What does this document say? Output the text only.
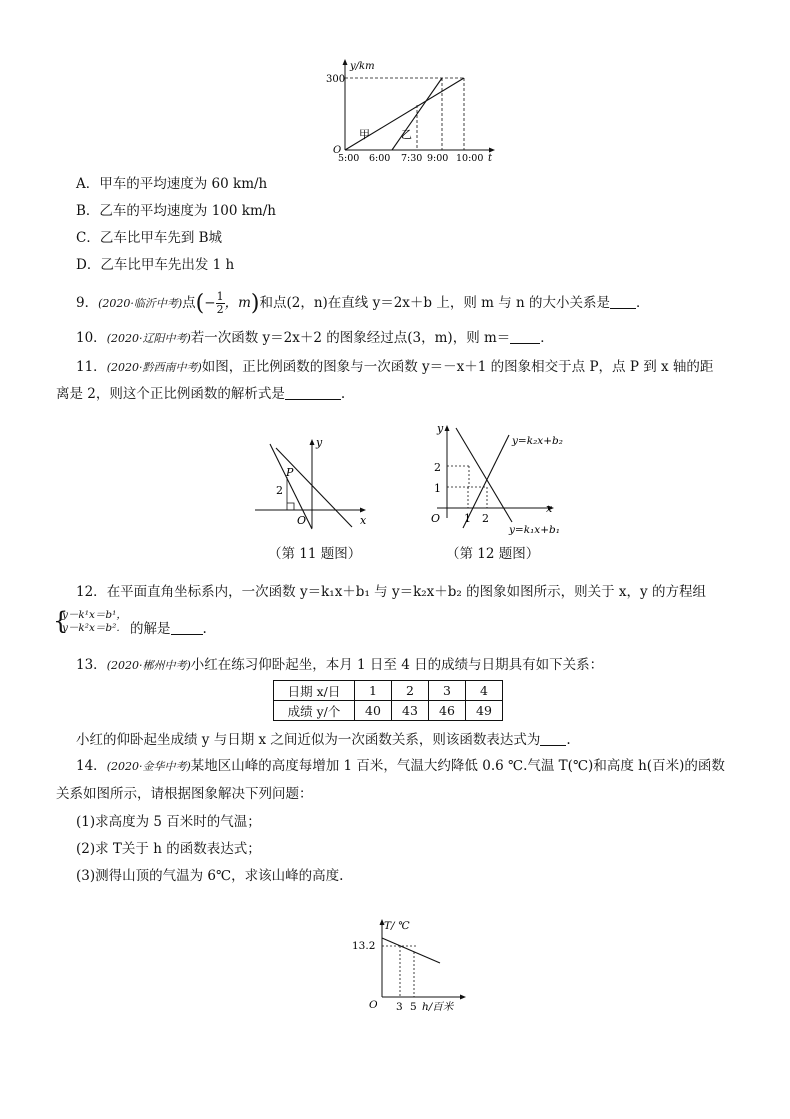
y/km
300
甲	乙
O
5:00 6:00 7:30 9:00 10:00 t
A．甲车的平均速度为 60 km/h
B．乙车的平均速度为 100 km/h
C．乙车比甲车先到 B城
D．乙车比甲车先出发 1 h
9．(2020·临沂中考)点(− $\frac{1}{2}$ ，m)和点(2，n)在直线 y＝2x＋b 上，则 m 与 n 的大小关系是 ．
10．(2020·辽阳中考)若一次函数 y＝2x＋2 的图象经过点(3，m)，则 m＝ ．
11．(2020·黔西南中考)如图，正比例函数的图象与一次函数 y＝－x＋1 的图象相交于点 P，点 P 到 x 轴的距
离是 2，则这个正比例函数的解析式是	.
P
2
O	x
y
（第 11 题图）
y
2
1
O 1 2
x
y=k₂x+b₂
y=k₁x+b₁
（第 12 题图）
12．在平面直角坐标系内，一次函数 y＝k₁x＋b₁ 与 y＝k₂x＋b₂ 的图象如图所示，则关于 x，y 的方程组
{
y－k¹x＝b¹，
y－k²x＝b². 的解是 .
13．(2020·郴州中考)小红在练习仰卧起坐，本月 1 日至 4 日的成绩与日期具有如下关系：
日期 x/日	1	2	3	4
成绩 y/个	40	43	46	49
小红的仰卧起坐成绩 y 与日期 x 之间近似为一次函数关系，则该函数表达式为 .
14．(2020·金华中考)某地区山峰的高度每增加 1 百米，气温大约降低 0.6 ℃.气温 T(℃)和高度 h(百米)的函数
关系如图所示，请根据图象解决下列问题：
(1)求高度为 5 百米时的气温；
(2)求 T关于 h 的函数表达式；
(3)测得山顶的气温为 6℃，求该山峰的高度.
T/ ℃
13.2
O 3 5 h/百米
